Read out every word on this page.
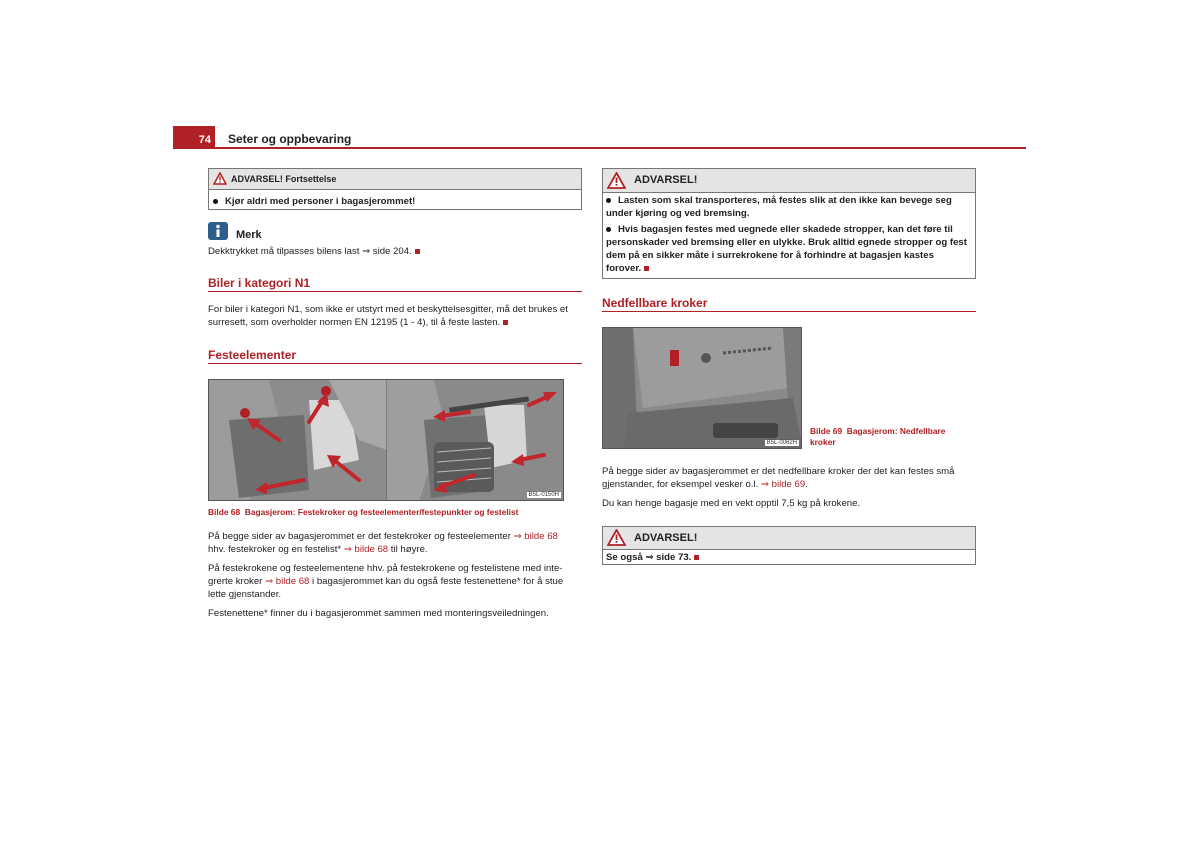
74	Seter og oppbevaring
ADVARSEL! Fortsettelse
Kjør aldri med personer i bagasjerommet!
Merk
Dekktrykket må tilpasses bilens last ⇒ side 204.
Biler i kategori N1

For biler i kategori N1, som ikke er utstyrt med et beskyttelsesgitter, må det brukes et

surresett, som overholder normen EN 12195 (1 - 4), til å feste lasten.

Festeelementer
B5L-0150H
Bilde 68 Bagasjerom: Festekroker og festeelementer/festepunkter og festelist

På begge sider av bagasjerommet er det festekroker og festeelementer ⇒ bilde 68

hhv. festekroker og en festelist* ⇒ bilde 68 til høyre.

På festekrokene og festeelementene hhv. på festekrokene og festelistene med inte-

grerte kroker ⇒ bilde 68 i bagasjerommet kan du også feste festenettene* for å stue

lette gjenstander.

Festenettene* finner du i bagasjerommet sammen med monteringsveiledningen.

ADVARSEL!

Lasten som skal transporteres, må festes slik at den ikke kan bevege seg

under kjøring og ved bremsing.

Hvis bagasjen festes med uegnede eller skadede stropper, kan det føre til

personskader ved bremsing eller en ulykke. Bruk alltid egnede stropper og fest

dem på en sikker måte i surrekrokene for å forhindre at bagasjen kastes

forover.

Nedfellbare kroker
B5L-0062H

Bilde 69 Bagasjerom: Nedfellbare

kroker

På begge sider av bagasjerommet er det nedfellbare kroker der det kan festes små

gjenstander, for eksempel vesker o.l. ⇒ bilde 69.

Du kan henge bagasje med en vekt opptil 7,5 kg på krokene.

ADVARSEL!
Se også ⇒ side 73.
